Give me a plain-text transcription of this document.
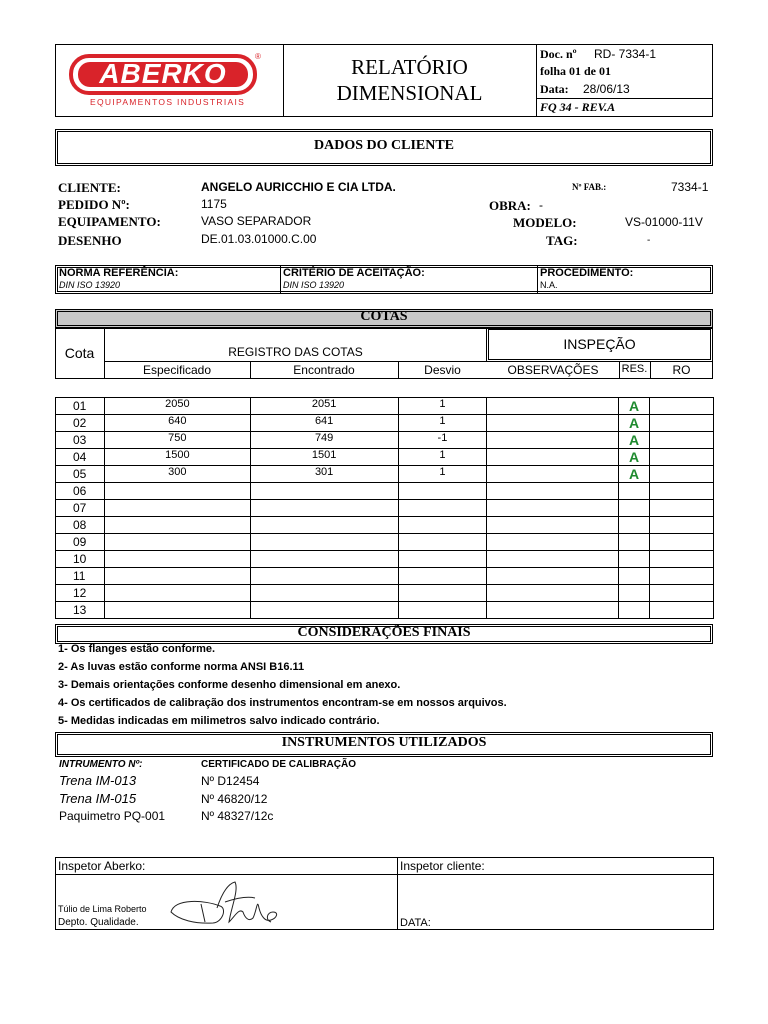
ABERKO
®
EQUIPAMENTOS INDUSTRIAIS
RELATÓRIO
DIMENSIONAL
Doc. nº RD- 7334-1
folha 01 de 01
Data: 28/06/13
FQ 34 - REV.A
DADOS DO CLIENTE
CLIENTE:	ANGELO AURICCHIO E CIA LTDA.	Nº FAB.:	7334-1
PEDIDO Nº:	1175	OBRA: -
EQUIPAMENTO:	VASO SEPARADOR	MODELO:	VS-01000-11V
DESENHO	DE.01.03.01000.C.00	TAG:	-
NORMA REFERÊNCIA:
DIN ISO 13920
CRITÉRIO DE ACEITAÇÃO:
DIN ISO 13920
PROCEDIMENTO:
N.A.
COTAS
Cota	REGISTRO DAS COTAS	INSPEÇÃO
Especificado	Encontrado	Desvio	OBSERVAÇÕES	RES.	RO
01	2050	2051	1		A	
02	640	641	1		A	
03	750	749	-1		A	
04	1500	1501	1		A	
05	300	301	1		A	
06						
07						
08						
09						
10						
11						
12						
13						
CONSIDERAÇÕES FINAIS
1- Os flanges estão conforme.
2- As luvas estão conforme norma ANSI B16.11
3- Demais orientações conforme desenho dimensional em anexo.
4- Os certificados de calibração dos instrumentos encontram-se em nossos arquivos.
5- Medidas indicadas em milimetros salvo indicado contrário.
INSTRUMENTOS UTILIZADOS
INTRUMENTO Nº:	CERTIFICADO DE CALIBRAÇÃO
Trena IM-013	Nº D12454
Trena IM-015	Nº 46820/12
Paquimetro PQ-001	Nº 48327/12c
Inspetor Aberko:	Inspetor cliente:
Túlio de Lima Roberto
Depto. Qualidade.	DATA:
